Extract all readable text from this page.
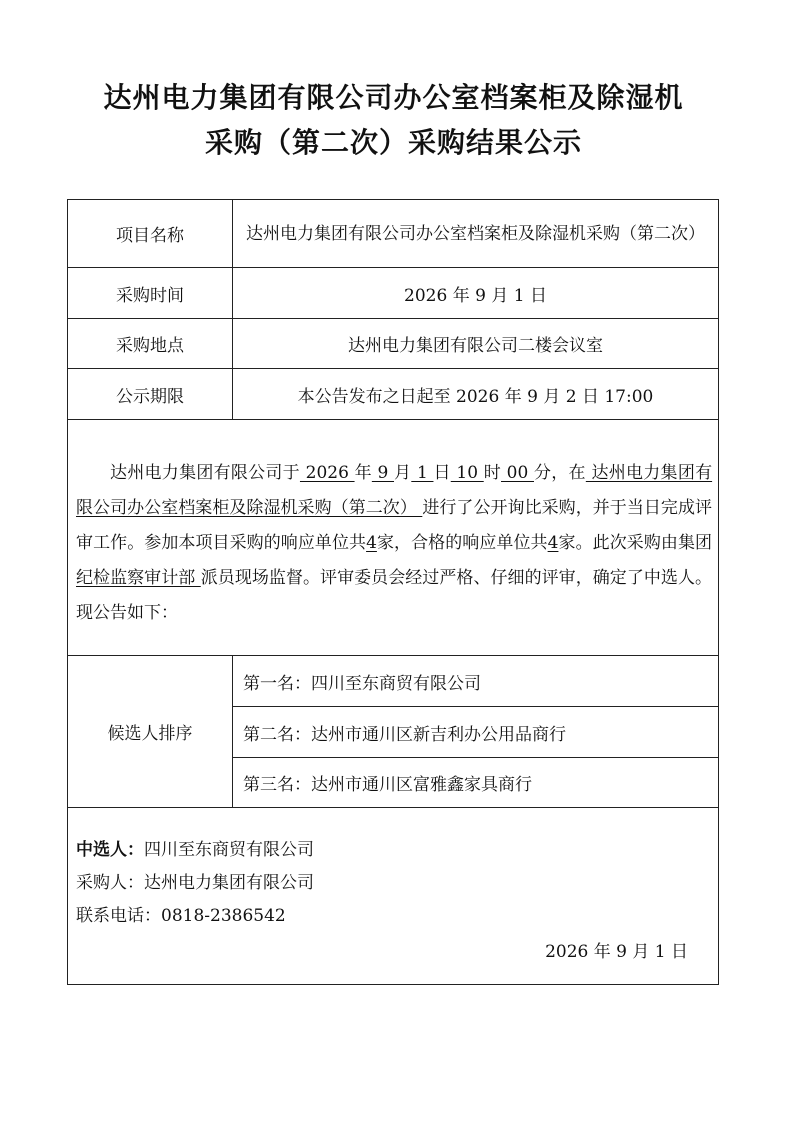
达州电力集团有限公司办公室档案柜及除湿机
采购（第二次）采购结果公示
项目名称	达州电力集团有限公司办公室档案柜及除湿机采购（第二次）
采购时间	2026 年 9 月 1 日
采购地点	达州电力集团有限公司二楼会议室
公示期限	本公告发布之日起至 2026 年 9 月 2 日 17:00
达州电力集团有限公司于 2026 年 9 月 1 日 10 时 00 分，在 达州电力集团有限公司办公室档案柜及除湿机采购（第二次） 进行了公开询比采购，并于当日完成评审工作。参加本项目采购的响应单位共4家，合格的响应单位共4家。此次采购由集团 纪检监察审计部 派员现场监督。评审委员会经过严格、仔细的评审，确定了中选人。现公告如下：
候选人排序
第一名：四川至东商贸有限公司
第二名：达州市通川区新吉利办公用品商行
第三名：达州市通川区富雅鑫家具商行
中选人：四川至东商贸有限公司
采购人：达州电力集团有限公司
联系电话：0818-2386542
2026 年 9 月 1 日
